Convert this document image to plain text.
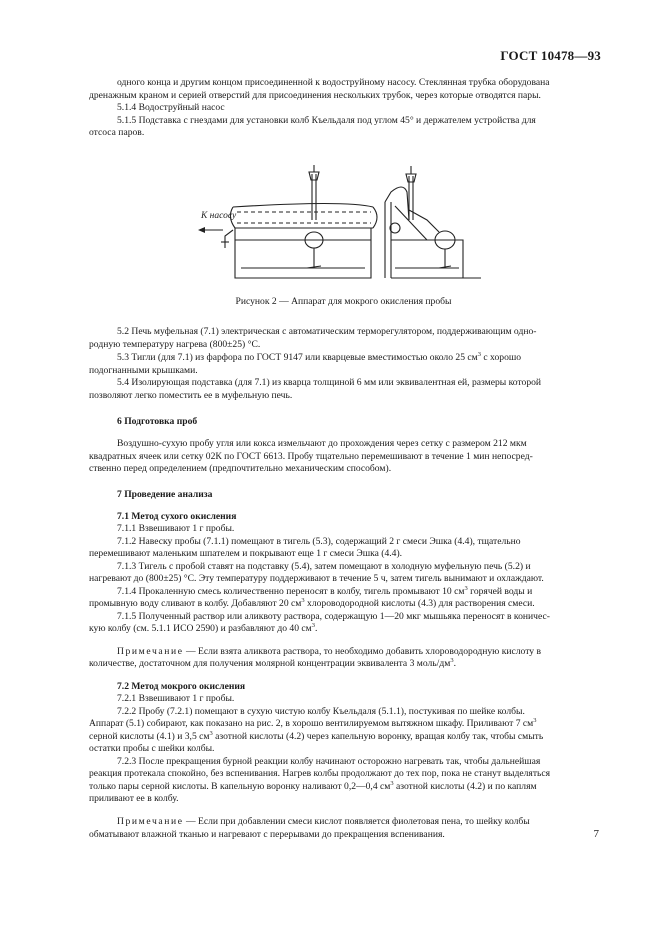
ГОСТ 10478—93
одного конца и другим концом присоединенной к водоструйному насосу. Стеклянная трубка оборудована
дренажным краном и серией отверстий для присоединения нескольких трубок, через которые отводятся пары.
5.1.4 Водоструйный насос
5.1.5 Подставка с гнездами для установки колб Къельдаля под углом 45° и держателем устройства для
отсоса паров.
К насосу
Рисунок 2 — Аппарат для мокрого окисления пробы
5.2 Печь муфельная (7.1) электрическая с автоматическим терморегулятором, поддерживающим одно-
родную температуру нагрева (800±25) °С.
5.3 Тигли (для 7.1) из фарфора по ГОСТ 9147 или кварцевые вместимостью около 25 $см^3$ с хорошо
подогнанными крышками.
5.4 Изолирующая подставка (для 7.1) из кварца толщиной 6 мм или эквивалентная ей, размеры которой
позволяют легко поместить ее в муфельную печь.
6 Подготовка проб
Воздушно-сухую пробу угля или кокса измельчают до прохождения через сетку с размером 212 мкм
квадратных ячеек или сетку 02К по ГОСТ 6613. Пробу тщательно перемешивают в течение 1 мин непосред-
ственно перед определением (предпочтительно механическим способом).
7 Проведение анализа
7.1 Метод сухого окисления
7.1.1 Взвешивают 1 г пробы.
7.1.2 Навеску пробы (7.1.1) помещают в тигель (5.3), содержащий 2 г смеси Эшка (4.4), тщательно
перемешивают маленьким шпателем и покрывают еще 1 г смеси Эшка (4.4).
7.1.3 Тигель с пробой ставят на подставку (5.4), затем помещают в холодную муфельную печь (5.2) и
нагревают до (800±25) °С. Эту температуру поддерживают в течение 5 ч, затем тигель вынимают и охлаждают.
7.1.4 Прокаленную смесь количественно переносят в колбу, тигель промывают 10 $см^3$ горячей воды и
промывную воду сливают в колбу. Добавляют 20 $см^3$ хлороводородной кислоты (4.3) для растворения смеси.
7.1.5 Полученный раствор или аликвоту раствора, содержащую 1—20 мкг мышьяка переносят в коничес-
кую колбу (см. 5.1.1 ИСО 2590) и разбавляют до 40 $см^3$.
Примечание — Если взята аликвота раствора, то необходимо добавить хлороводородную кислоту в
количестве, достаточном для получения молярной концентрации эквивалента 3 моль/$дм^3$.
7.2 Метод мокрого окисления
7.2.1 Взвешивают 1 г пробы.
7.2.2 Пробу (7.2.1) помещают в сухую чистую колбу Къельдаля (5.1.1), постукивая по шейке колбы.
Аппарат (5.1) собирают, как показано на рис. 2, в хорошо вентилируемом вытяжном шкафу. Приливают 7 $см^3$
серной кислоты (4.1) и 3,5 $см^3$ азотной кислоты (4.2) через капельную воронку, вращая колбу так, чтобы смыть
остатки пробы с шейки колбы.
7.2.3 После прекращения бурной реакции колбу начинают осторожно нагревать так, чтобы дальнейшая
реакция протекала спокойно, без вспенивания. Нагрев колбы продолжают до тех пор, пока не станут выделяться
только пары серной кислоты. В капельную воронку наливают 0,2—0,4 $см^3$ азотной кислоты (4.2) и по каплям
приливают ее в колбу.
Примечание — Если при добавлении смеси кислот появляется фиолетовая пена, то шейку колбы
обматывают влажной тканью и нагревают с перерывами до прекращения вспенивания.	7
